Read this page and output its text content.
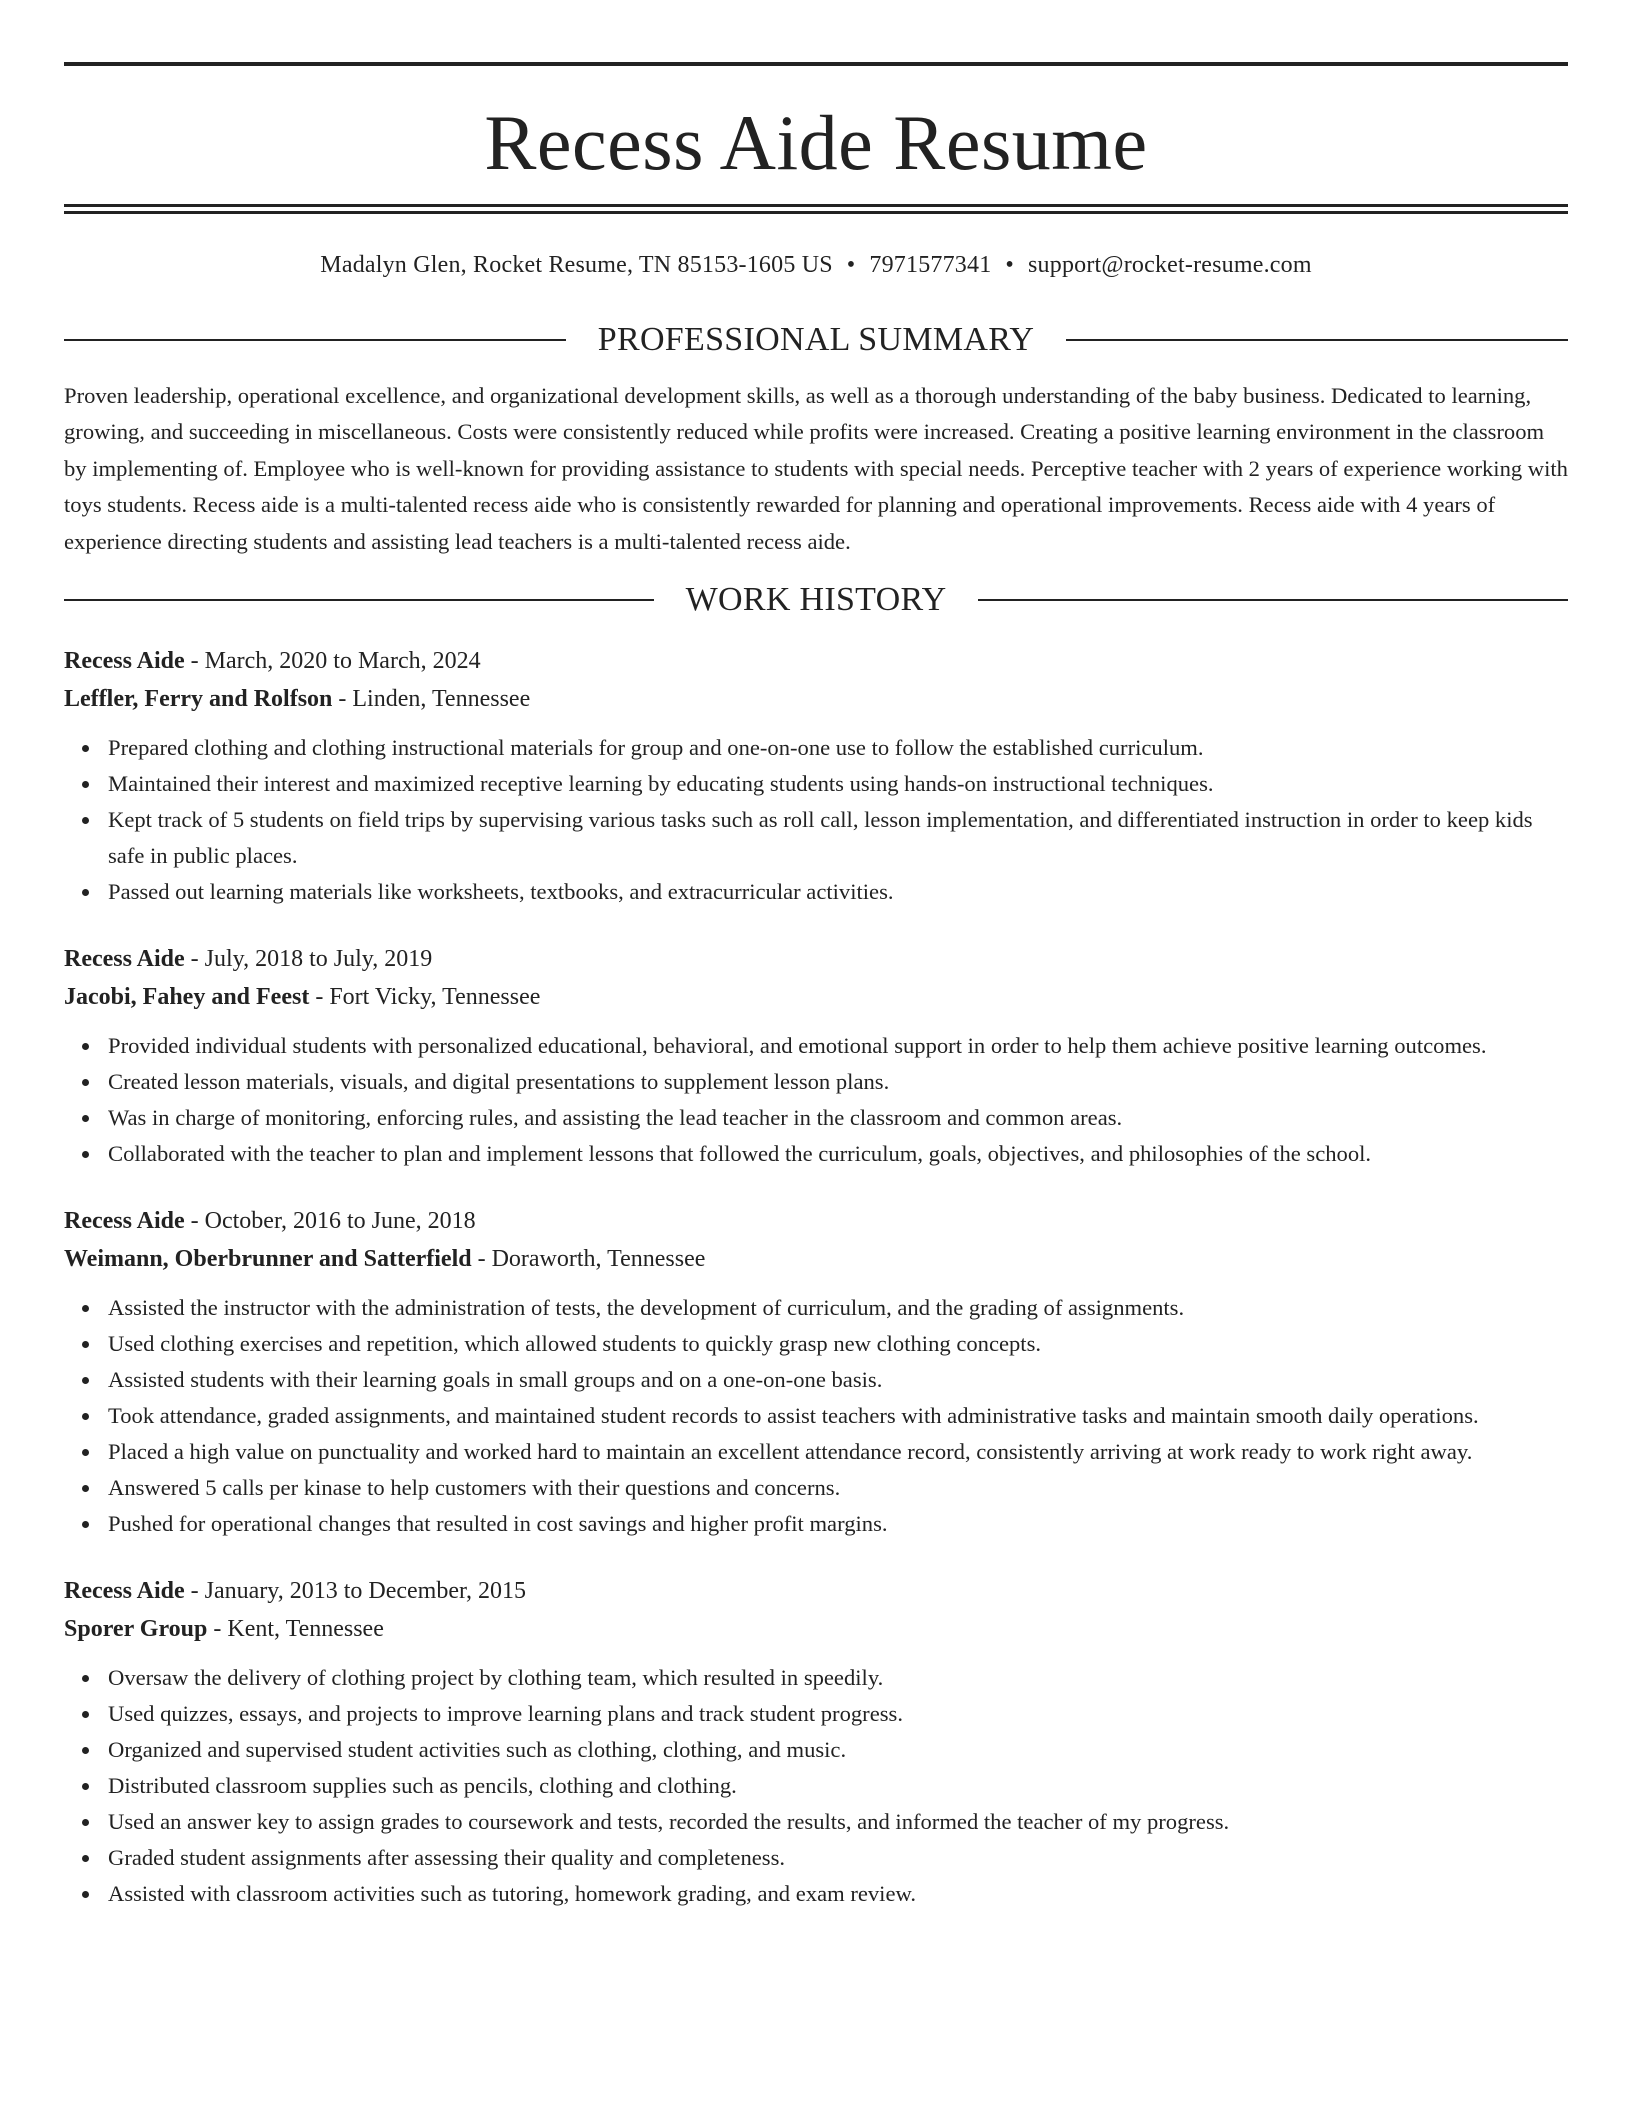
Recess Aide Resume
Madalyn Glen, Rocket Resume, TN 85153-1605 US • 7971577341 • support@rocket-resume.com
PROFESSIONAL SUMMARY

Proven leadership, operational excellence, and organizational development skills, as well as a thorough understanding of the baby business. Dedicated to learning, growing, and succeeding in miscellaneous. Costs were consistently reduced while profits were increased. Creating a positive learning environment in the classroom by implementing of. Employee who is well-known for providing assistance to students with special needs. Perceptive teacher with 2 years of experience working with toys students. Recess aide is a multi-talented recess aide who is consistently rewarded for planning and operational improvements. Recess aide with 4 years of experience directing students and assisting lead teachers is a multi-talented recess aide.

WORK HISTORY
Recess Aide - March, 2020 to March, 2024
Leffler, Ferry and Rolfson - Linden, Tennessee
Prepared clothing and clothing instructional materials for group and one-on-one use to follow the established curriculum.
Maintained their interest and maximized receptive learning by educating students using hands-on instructional techniques.
Kept track of 5 students on field trips by supervising various tasks such as roll call, lesson implementation, and differentiated instruction in order to keep kids safe in public places.
Passed out learning materials like worksheets, textbooks, and extracurricular activities.
Recess Aide - July, 2018 to July, 2019
Jacobi, Fahey and Feest - Fort Vicky, Tennessee
Provided individual students with personalized educational, behavioral, and emotional support in order to help them achieve positive learning outcomes.
Created lesson materials, visuals, and digital presentations to supplement lesson plans.
Was in charge of monitoring, enforcing rules, and assisting the lead teacher in the classroom and common areas.
Collaborated with the teacher to plan and implement lessons that followed the curriculum, goals, objectives, and philosophies of the school.
Recess Aide - October, 2016 to June, 2018
Weimann, Oberbrunner and Satterfield - Doraworth, Tennessee
Assisted the instructor with the administration of tests, the development of curriculum, and the grading of assignments.
Used clothing exercises and repetition, which allowed students to quickly grasp new clothing concepts.
Assisted students with their learning goals in small groups and on a one-on-one basis.
Took attendance, graded assignments, and maintained student records to assist teachers with administrative tasks and maintain smooth daily operations.
Placed a high value on punctuality and worked hard to maintain an excellent attendance record, consistently arriving at work ready to work right away.
Answered 5 calls per kinase to help customers with their questions and concerns.
Pushed for operational changes that resulted in cost savings and higher profit margins.
Recess Aide - January, 2013 to December, 2015
Sporer Group - Kent, Tennessee
Oversaw the delivery of clothing project by clothing team, which resulted in speedily.
Used quizzes, essays, and projects to improve learning plans and track student progress.
Organized and supervised student activities such as clothing, clothing, and music.
Distributed classroom supplies such as pencils, clothing and clothing.
Used an answer key to assign grades to coursework and tests, recorded the results, and informed the teacher of my progress.
Graded student assignments after assessing their quality and completeness.
Assisted with classroom activities such as tutoring, homework grading, and exam review.
